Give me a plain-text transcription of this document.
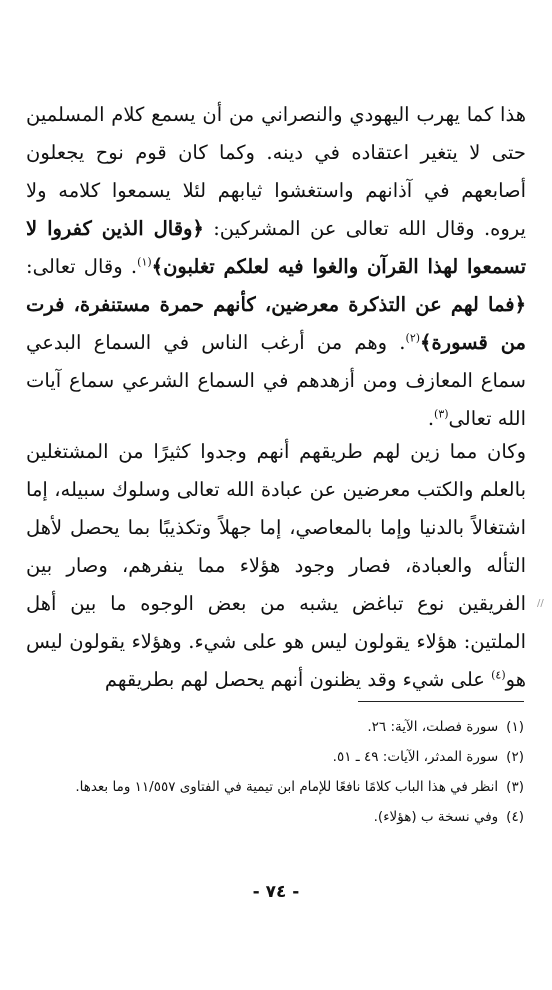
هذا كما يهرب اليهودي والنصراني من أن يسمع كلام المسلمين حتى لا يتغير اعتقاده في دينه. وكما كان قوم نوح يجعلون أصابعهم في آذانهم واستغشوا ثيابهم لئلا يسمعوا كلامه ولا يروه. وقال الله تعالى عن المشركين: ﴿وقال الذين كفروا لا تسمعوا لهذا القرآن والغوا فيه لعلكم تغلبون﴾$^{(١)}$. وقال تعالى: ﴿فما لهم عن التذكرة معرضين، كأنهم حمرة مستنفرة، فرت من قسورة﴾$^{(٢)}$. وهم من أرغب الناس في السماع البدعي سماع المعازف ومن أزهدهم في السماع الشرعي سماع آيات الله تعالى$^{(٣)}$.

وكان مما زين لهم طريقهم أنهم وجدوا كثيرًا من المشتغلين بالعلم والكتب معرضين عن عبادة الله تعالى وسلوك سبيله، إما اشتغالاً بالدنيا وإما بالمعاصي، إما جهلاً وتكذيبًا بما يحصل لأهل التأله والعبادة، فصار وجود هؤلاء مما ينفرهم، وصار بين الفريقين نوع تباغض يشبه من بعض الوجوه ما بين أهل الملتين: هؤلاء يقولون ليس هو على شيء. وهؤلاء يقولون ليس هو$^{(٤)}$ على شيء وقد يظنون أنهم يحصل لهم بطريقهم

//
(١)
سورة فصلت، الآية: ٢٦.
(٢)
سورة المدثر، الآيات: ٤٩ ـ ٥١.
(٣)
انظر في هذا الباب كلامًا نافعًا للإمام ابن تيمية في الفتاوى ١١/٥٥٧ وما بعدها.
(٤)
وفي نسخة ب (هؤلاء).
- ٧٤ -
